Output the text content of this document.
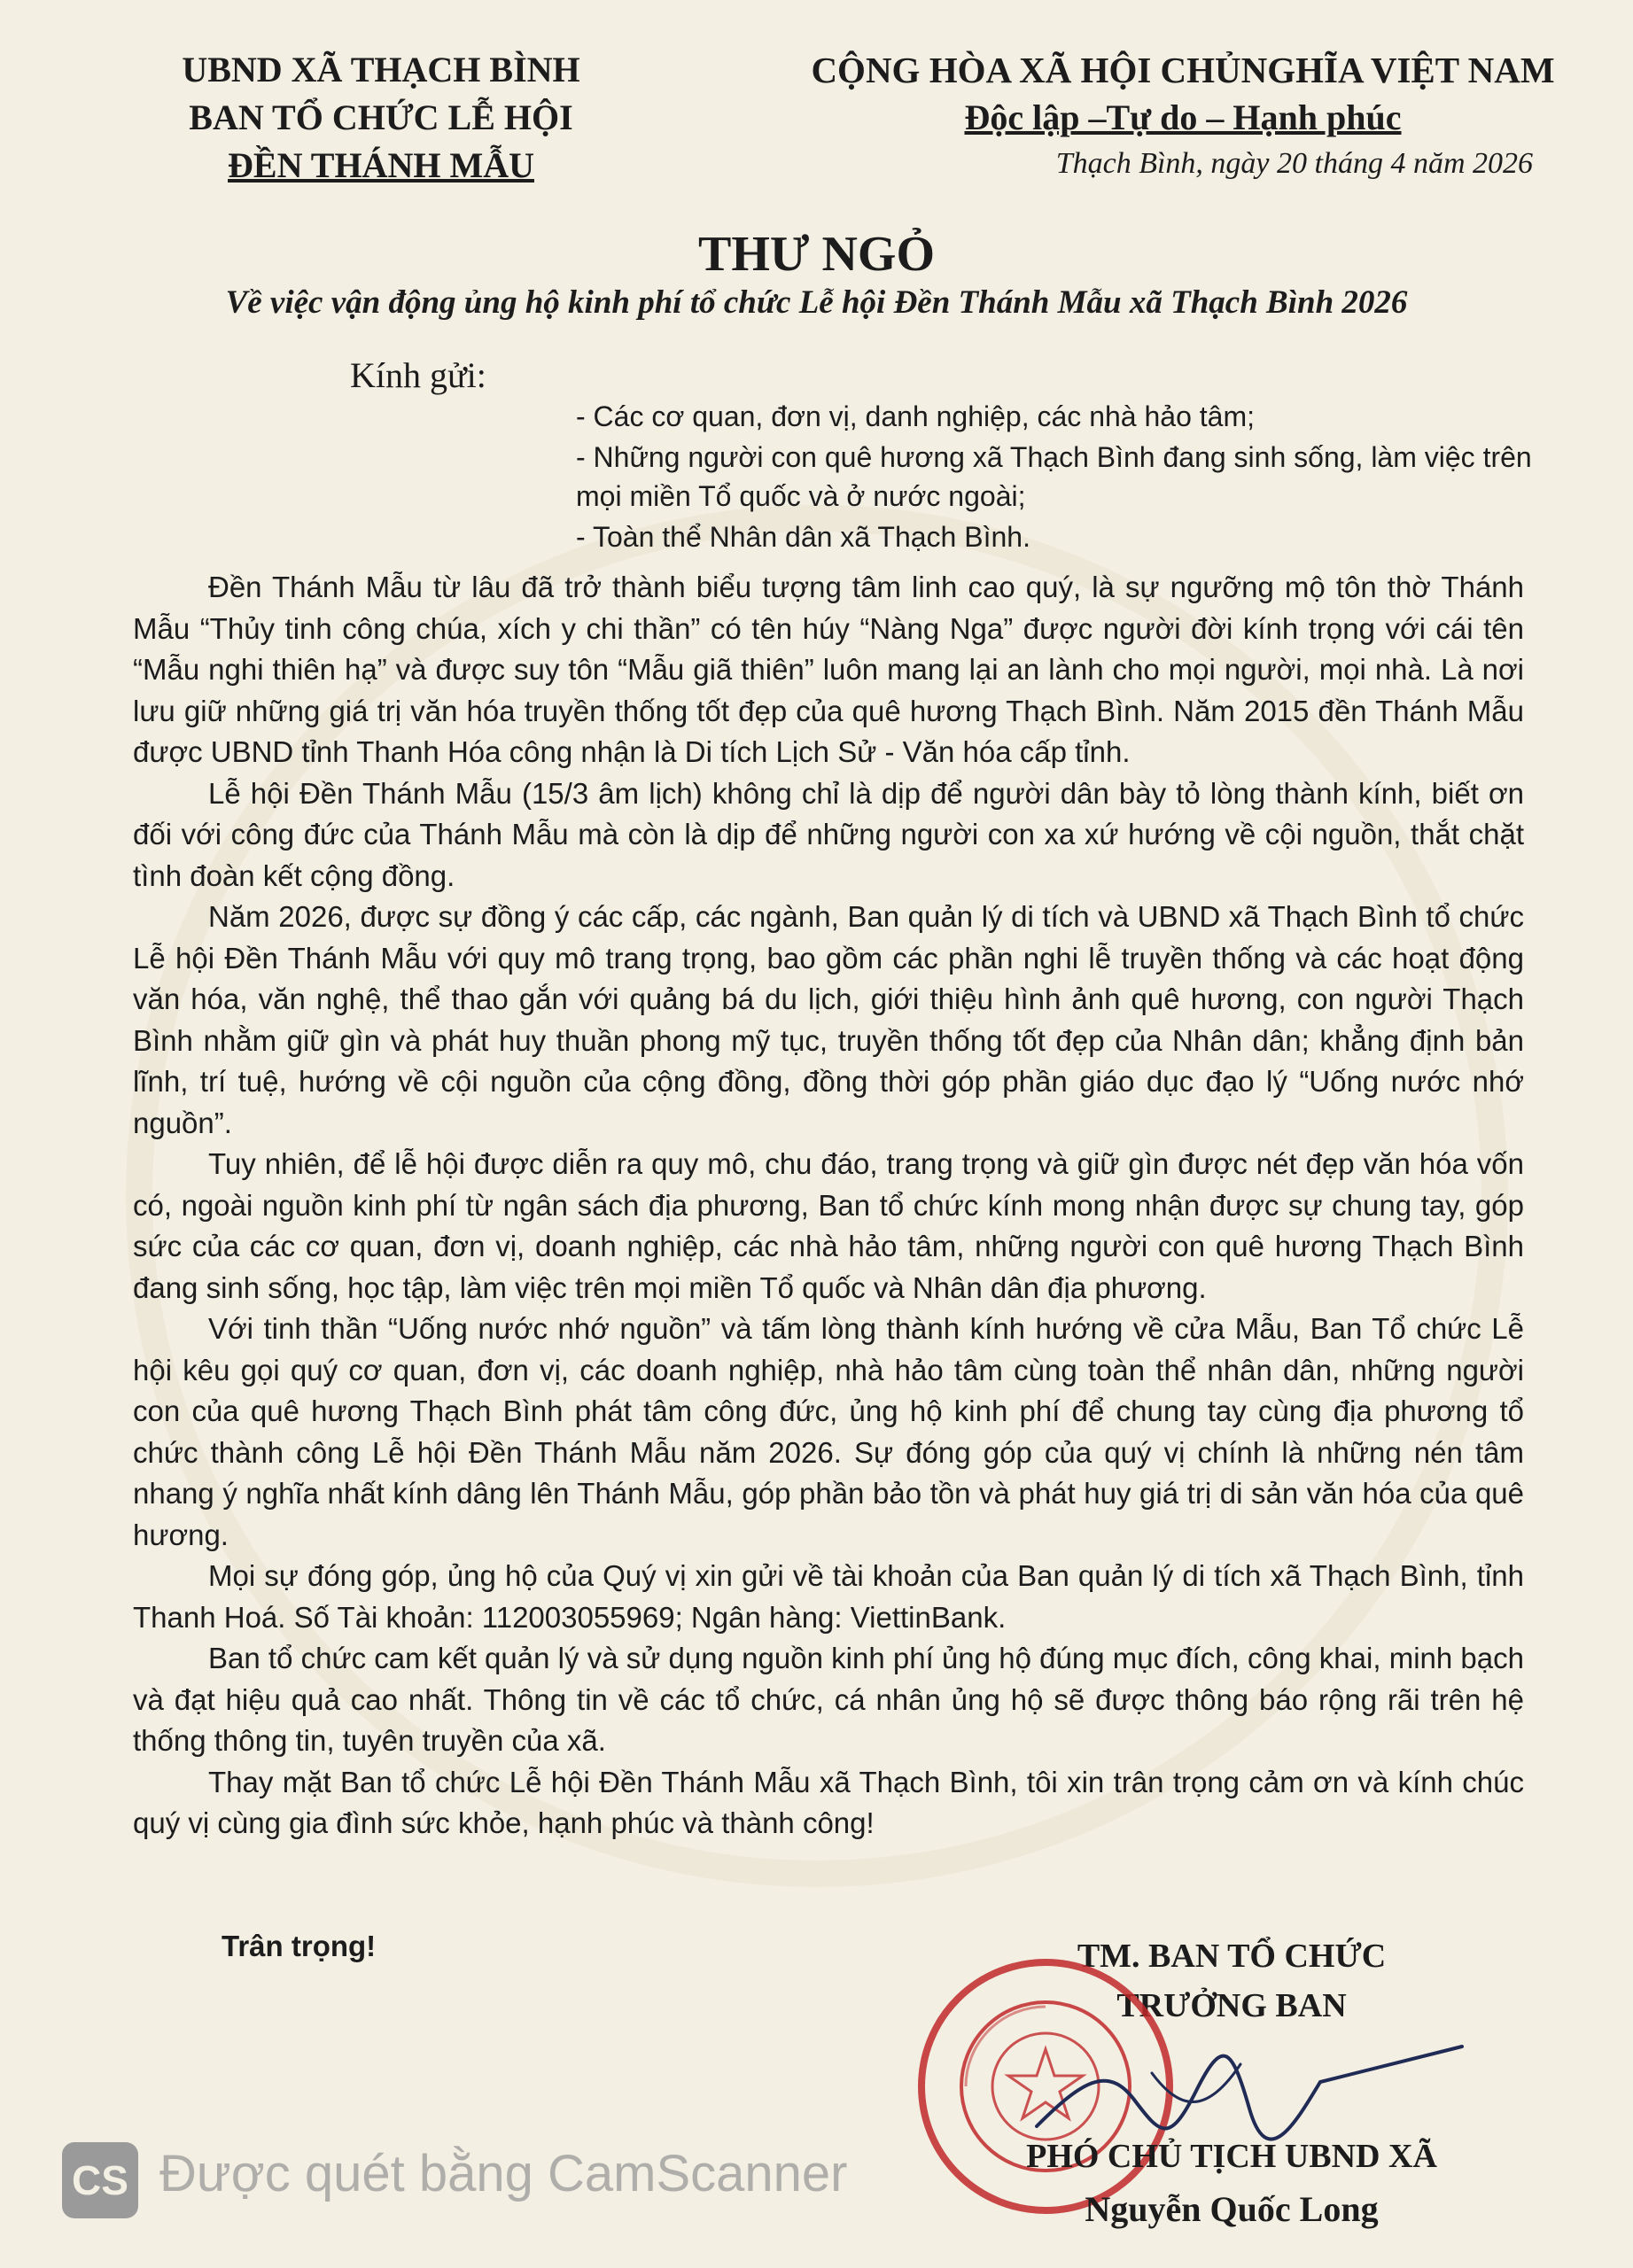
UBND XÃ THẠCH BÌNH
BAN TỔ CHỨC LỄ HỘI
ĐỀN THÁNH MẪU
CỘNG HÒA XÃ HỘI CHỦNGHĨA VIỆT NAM
Độc lập –Tự do – Hạnh phúc
Thạch Bình, ngày 20 tháng 4 năm 2026
THƯ NGỎ
Về việc vận động ủng hộ kinh phí tổ chức Lễ hội Đền Thánh Mẫu xã Thạch Bình 2026
Kính gửi:
- Các cơ quan, đơn vị, danh nghiệp, các nhà hảo tâm;
- Những người con quê hương xã Thạch Bình đang sinh sống, làm việc trên mọi miền Tổ quốc và ở nước ngoài;
- Toàn thể Nhân dân xã Thạch Bình.

Đền Thánh Mẫu từ lâu đã trở thành biểu tượng tâm linh cao quý, là sự ngưỡng mộ tôn thờ Thánh Mẫu “Thủy tinh công chúa, xích y chi thần” có tên húy “Nàng Nga” được người đời kính trọng với cái tên “Mẫu nghi thiên hạ” và được suy tôn “Mẫu giã thiên” luôn mang lại an lành cho mọi người, mọi nhà. Là nơi lưu giữ những giá trị văn hóa truyền thống tốt đẹp của quê hương Thạch Bình. Năm 2015 đền Thánh Mẫu được UBND tỉnh Thanh Hóa công nhận là Di tích Lịch Sử - Văn hóa cấp tỉnh.

Lễ hội Đền Thánh Mẫu (15/3 âm lịch) không chỉ là dịp để người dân bày tỏ lòng thành kính, biết ơn đối với công đức của Thánh Mẫu mà còn là dịp để những người con xa xứ hướng về cội nguồn, thắt chặt tình đoàn kết cộng đồng.

Năm 2026, được sự đồng ý các cấp, các ngành, Ban quản lý di tích và UBND xã Thạch Bình tổ chức Lễ hội Đền Thánh Mẫu với quy mô trang trọng, bao gồm các phần nghi lễ truyền thống và các hoạt động văn hóa, văn nghệ, thể thao gắn với quảng bá du lịch, giới thiệu hình ảnh quê hương, con người Thạch Bình nhằm giữ gìn và phát huy thuần phong mỹ tục, truyền thống tốt đẹp của Nhân dân; khẳng định bản lĩnh, trí tuệ, hướng về cội nguồn của cộng đồng, đồng thời góp phần giáo dục đạo lý “Uống nước nhớ nguồn”.

Tuy nhiên, để lễ hội được diễn ra quy mô, chu đáo, trang trọng và giữ gìn được nét đẹp văn hóa vốn có, ngoài nguồn kinh phí từ ngân sách địa phương, Ban tổ chức kính mong nhận được sự chung tay, góp sức của các cơ quan, đơn vị, doanh nghiệp, các nhà hảo tâm, những người con quê hương Thạch Bình đang sinh sống, học tập, làm việc trên mọi miền Tổ quốc và Nhân dân địa phương.

Với tinh thần “Uống nước nhớ nguồn” và tấm lòng thành kính hướng về cửa Mẫu, Ban Tổ chức Lễ hội kêu gọi quý cơ quan, đơn vị, các doanh nghiệp, nhà hảo tâm cùng toàn thể nhân dân, những người con của quê hương Thạch Bình phát tâm công đức, ủng hộ kinh phí để chung tay cùng địa phương tổ chức thành công Lễ hội Đền Thánh Mẫu năm 2026. Sự đóng góp của quý vị chính là những nén tâm nhang ý nghĩa nhất kính dâng lên Thánh Mẫu, góp phần bảo tồn và phát huy giá trị di sản văn hóa của quê hương.

Mọi sự đóng góp, ủng hộ của Quý vị xin gửi về tài khoản của Ban quản lý di tích xã Thạch Bình, tỉnh Thanh Hoá. Số Tài khoản: 112003055969; Ngân hàng: ViettinBank.

Ban tổ chức cam kết quản lý và sử dụng nguồn kinh phí ủng hộ đúng mục đích, công khai, minh bạch và đạt hiệu quả cao nhất. Thông tin về các tổ chức, cá nhân ủng hộ sẽ được thông báo rộng rãi trên hệ thống thông tin, tuyên truyền của xã.

Thay mặt Ban tổ chức Lễ hội Đền Thánh Mẫu xã Thạch Bình, tôi xin trân trọng cảm ơn và kính chúc quý vị cùng gia đình sức khỏe, hạnh phúc và thành công!

Trân trọng!	TM. BAN TỔ CHỨC
TRƯỞNG BAN
PHÓ CHỦ TỊCH UBND XÃ
Nguyễn Quốc Long
CS Được quét bằng CamScanner
